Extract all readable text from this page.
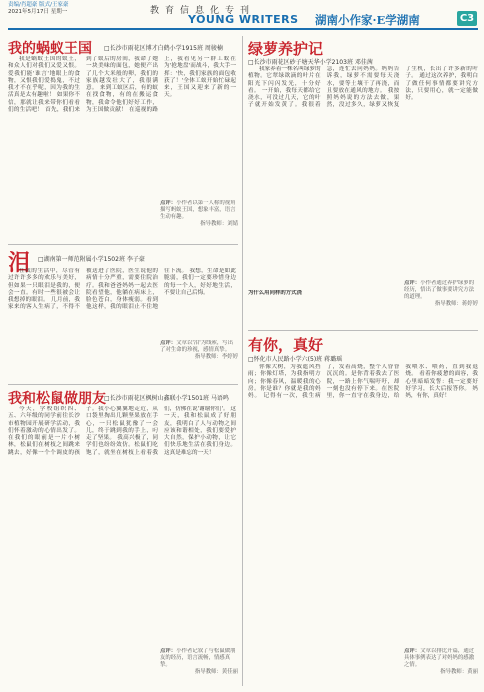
责编/肖超豪 版式/王家豪
2021年5月17日 星期一	教育信息化专刊
YOUNG WRITERS 湖南小作家·E学湖南	C3
我的蜗蚁王国 □长沙市雨花区博才白鹤小学1915班 周骏楠
我是蜗蚁王国的蚁王，和众人们对我们又爱又恨。爱我们能'谁言'地眼上的食物，又恨我们爱捣鬼，不过我才不在乎呢，因为我的生活真是太有趣啦！ 如果你不信，那就让我来带你们看看们的生活吧！ 首先，我们来到了蚁后的房间，我命了她一块美味的面包，她便产出了几个大米般的卵，我们的家族越发壮大了，我很满意。 来到工蚁区后，有的蚁在找食物，有的在搬运食物，我命令他们好好工作，为王国做贡献！ 在巡视的路上，我看见另一群工蚁在为'抢地盘'而战斗，我大手一挥：'快，我们家族的面包收获了！'全体工蚁开始忙碌起来，王国又迎来了新的一天。
点评：小作者以第一人称的视角描写蚂蚁王国，想象丰富，语言生动有趣。
指导教师：刘婧
泪 □湖南第一师范附属小学1502班 李子豪
在我的生活中，尽管有过许许多多的欢乐与美好，但如果一只眼泪是我的，便会一直。有时一些很被会让我想掉的眼泪。 几月前，我家来的客人生病了，不得不被送进了医院，医生说他的病情十分严重，需要住院治疗。我和爸爸妈妈一起去医院看望他，他躺在病床上，脸色苍白，身体瘦弱。看到他这样，我的眼泪止不住地往下流。 我想，生命是如此脆弱，我们一定要珍惜身边的每一个人，好好地生活，不要让自己后悔。
点评：文章以'泪'为线索，写出了对生命的珍视，感情真挚。
指导教师：李婷婷
我和松鼠做朋友
□长沙市雨花区枫树山鑫联小学1501班 马语鸣
今天，学校组织四、五、六年级的同学前往长沙市植物园开展研学活动，我们怀着激动的心情出发了。 在我们的眼前是一片小树林，松鼠们在树枝之间跳来跳去，好像一个个调皮的孩子。我小心翼翼地走近，从口袋里掏出几颗坚果放在手心，一只松鼠犹豫了一会儿，终于跳到我的手上，叼走了坚果。 我高兴极了，同学们也纷纷效仿。松鼠们吃饱了，就坐在树枝上看着我们，仿佛在说'谢谢你们'。 这一天，我和松鼠成了好朋友，我明白了人与动物之间应该和谐相处，我们要爱护大自然，保护小动物，让它们快乐地生活在我们身边。这真是难忘的一天！
点评：小作者记叙了与松鼠做朋友的经历，语言流畅，情感真挚。
指导教师：黄佳丽
绿萝养护记
□长沙市雨花区砂子塘天华小学2103班 邓佳茜
我家养着一株名叫绿萝的植物。它翠绿欲滴的叶片在阳光下闪闪发光，十分好看。 一开始，我每天都给它浇水，可没过几天，它的叶子就开始发黄了。我很着急，连忙去问妈妈。妈妈告诉我，绿萝不需要每天浇水，要等土壤干了再浇，而且要放在通风的地方。 我按照妈妈说的方法去做，果然，没过多久，绿萝又恢复了生机，长出了许多新的叶子。 通过这次养护，我明白了做任何事情都要讲究方法，只要用心，就一定能做好。
为什么用同样的方式浇
点评：小作者通过养护绿萝的经历，悟出了做事要讲究方法的道理。
指导教师：蒋婷婷
有你，真好
□怀化市人民路小学六(5)班 蒋璐瑶
你像大树，为我遮风挡雨；你像灯塔，为我指明方向；你像春风，温暖我的心房。你是谁？你就是我的妈妈。 记得有一次，我生病了，发着高烧，整个人昏昏沉沉的。是你背着我去了医院，一路上你气喘吁吁，却一刻也没有停下来。在医院里，你一直守在我身边，给我喂水、喂药，直到我退烧。 看着你疲惫的面容，我心里暗暗发誓：我一定要好好学习，长大后报答你。 妈妈，有你，真好！
点评：文章以排比开篇，通过具体事例表达了对妈妈的感激之情。
指导教师：黄丽
